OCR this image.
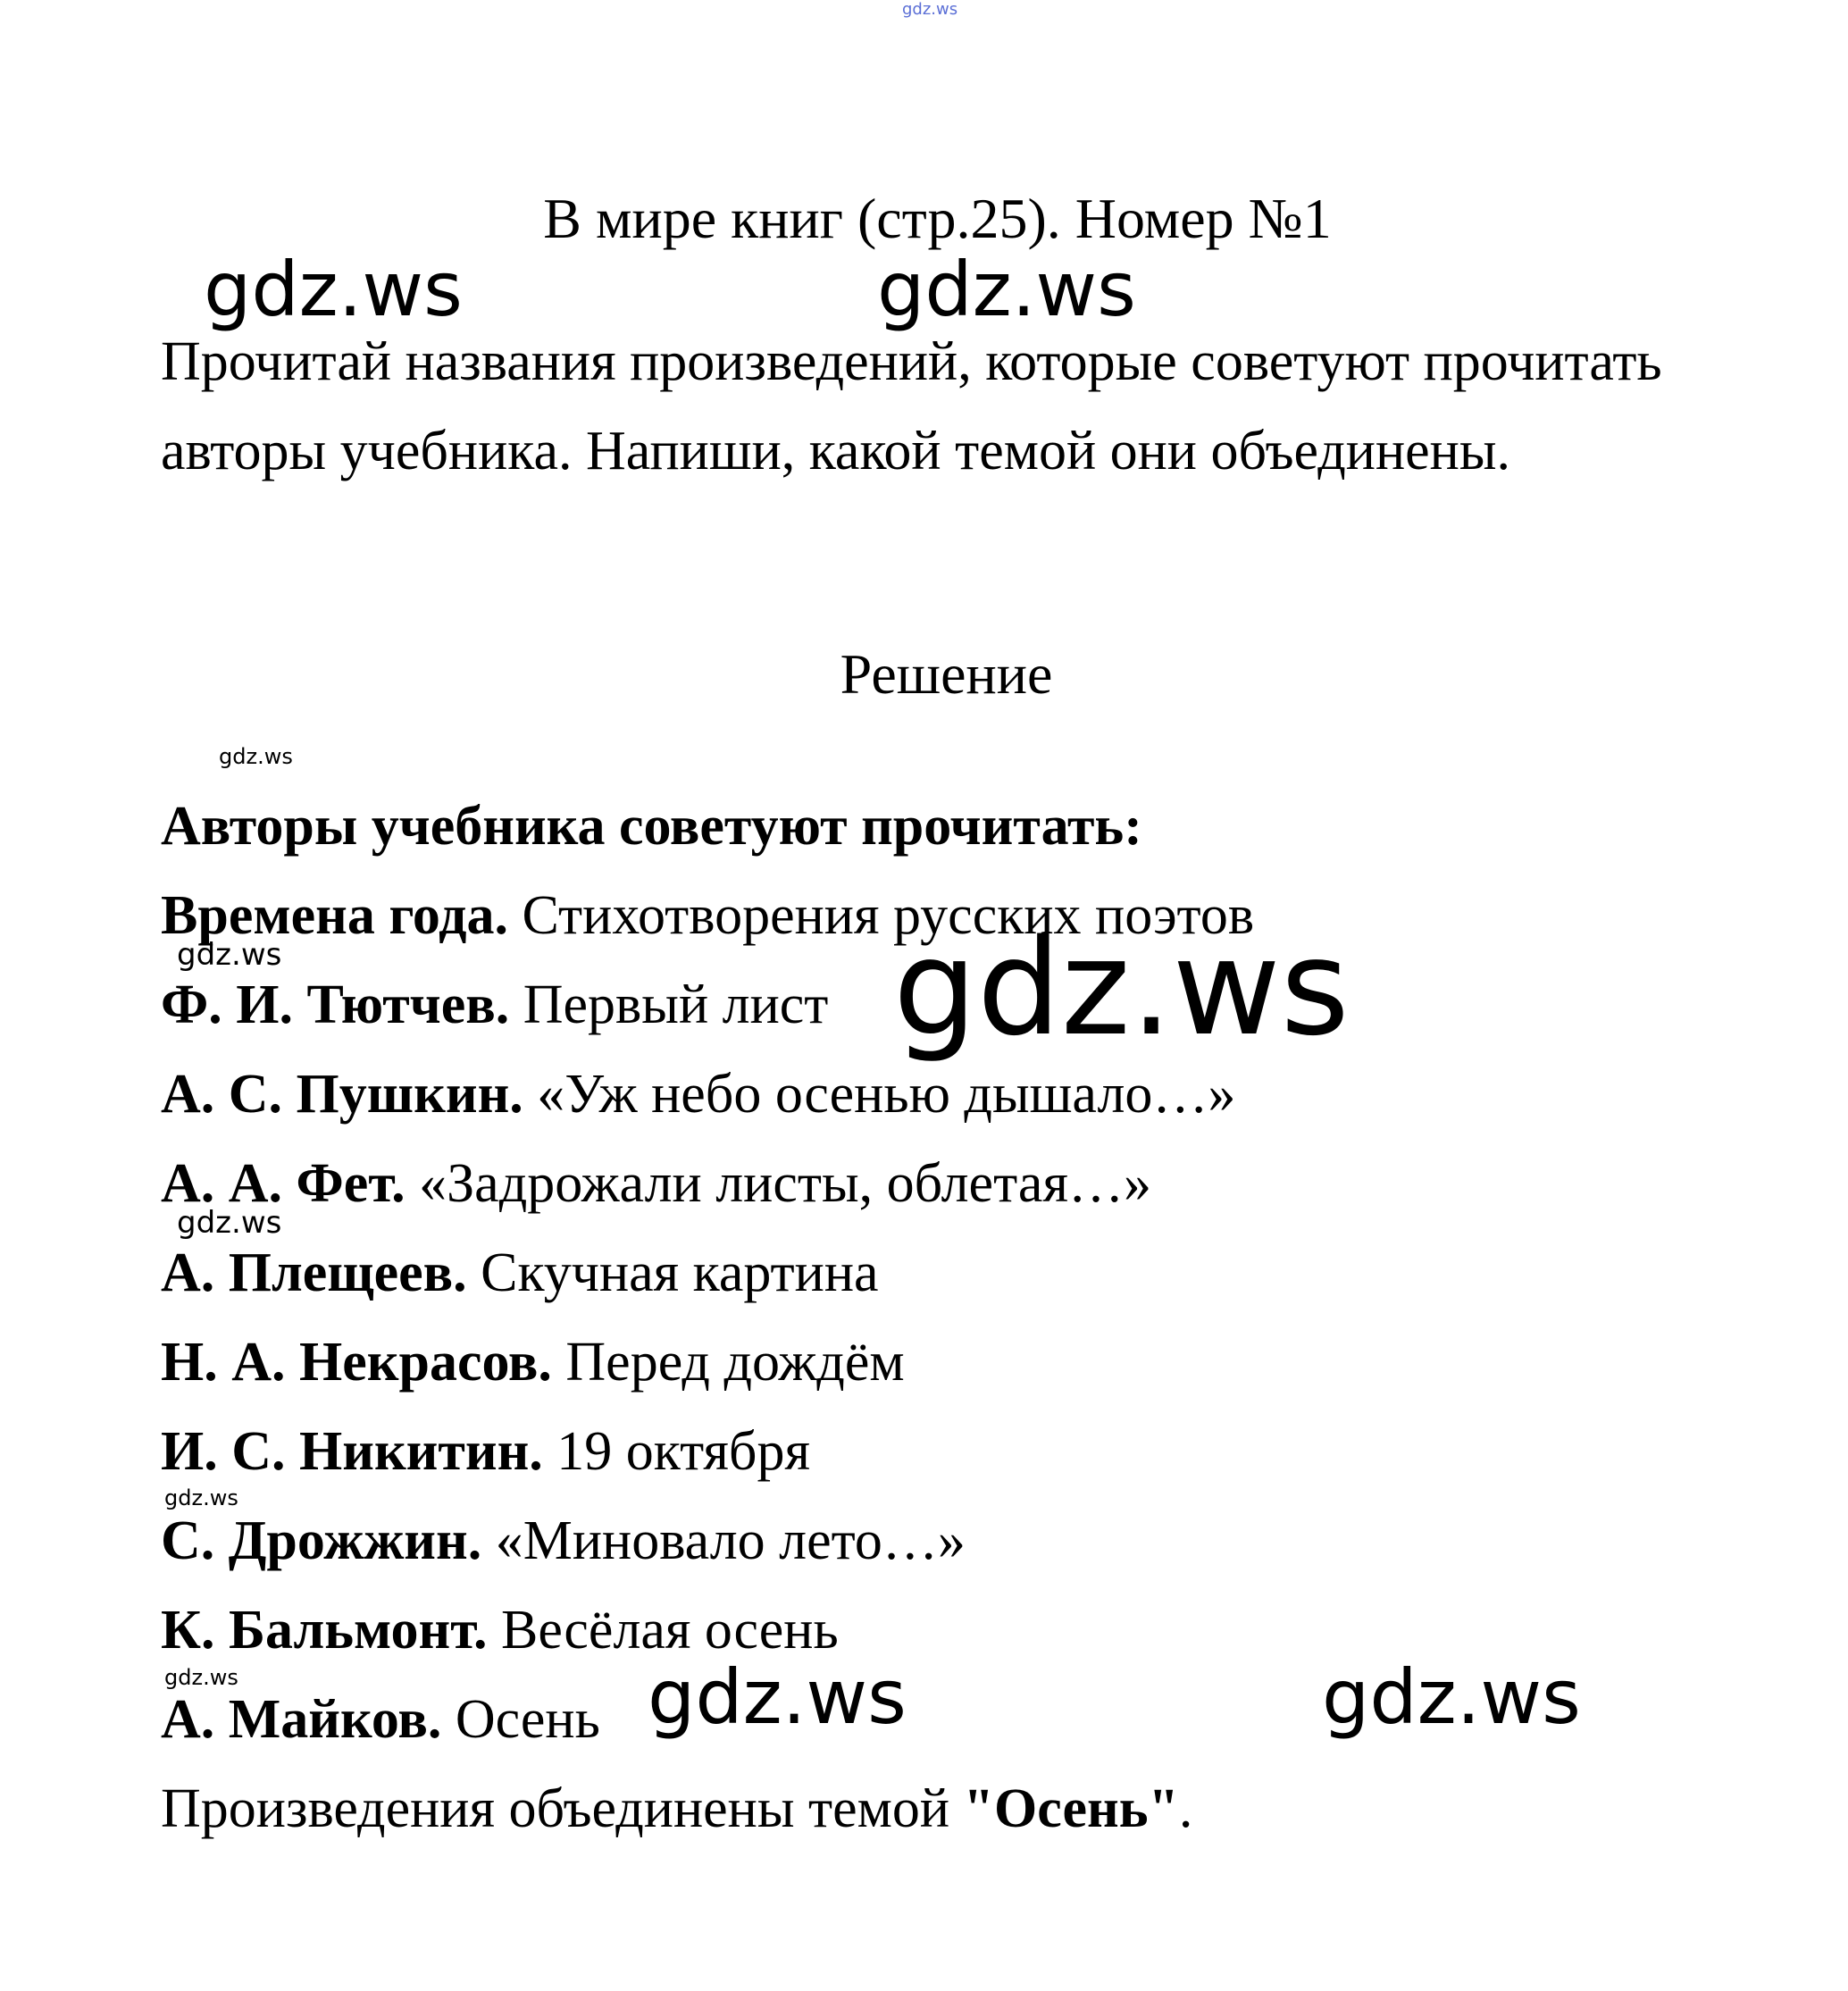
gdz.ws
В мире книг (стр.25). Номер №1
gdz.ws	gdz.ws

Прочитай названия произведений, которые советуют прочитать авторы учебника. Напиши, какой темой они объединены.

Решение
gdz.ws
Авторы учебника советуют прочитать:
Времена года. Стихотворения русских поэтов
Ф. И. Тютчев. Первый лист
А. С. Пушкин. «Уж небо осенью дышало…»
А. А. Фет. «Задрожали листы, облетая…»
А. Плещеев. Скучная картина
Н. А. Некрасов. Перед дождём
И. С. Никитин. 19 октября
С. Дрожжин. «Миновало лето…»
К. Бальмонт. Весёлая осень
А. Майков. Осень
Произведения объединены темой "Осень".
gdz.ws	gdz.ws
gdz.ws
gdz.ws
gdz.ws	gdz.ws	gdz.ws
